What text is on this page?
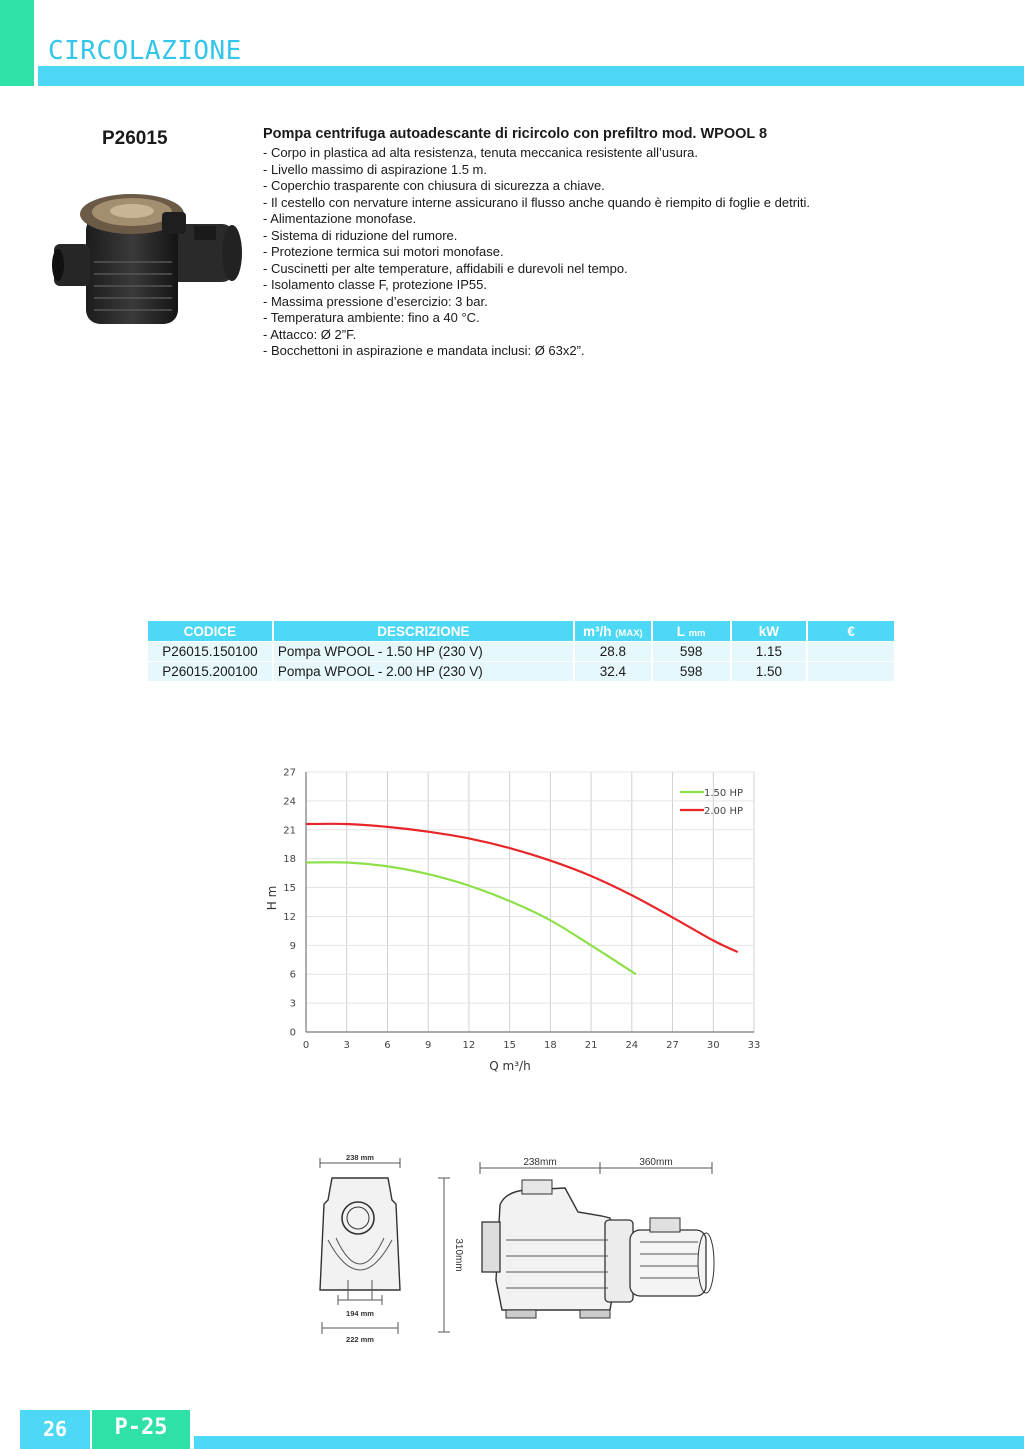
CIRCOLAZIONE
P26015	Pompa centrifuga autoadescante di ricircolo con prefiltro mod. WPOOL 8
- Corpo in plastica ad alta resistenza, tenuta meccanica resistente all’usura.
- Livello massimo di aspirazione 1.5 m.
- Coperchio trasparente con chiusura di sicurezza a chiave.
- Il cestello con nervature interne assicurano il flusso anche quando è riempito di foglie e detriti.
- Alimentazione monofase.
- Sistema di riduzione del rumore.
- Protezione termica sui motori monofase.
- Cuscinetti per alte temperature, affidabili e durevoli nel tempo.
- Isolamento classe F, protezione IP55.
- Massima pressione d’esercizio: 3 bar.
- Temperatura ambiente: fino a 40 °C.
- Attacco: Ø 2”F.
- Bocchettoni in aspirazione e mandata inclusi: Ø 63x2”.
CODICE	DESCRIZIONE	m³/h (MAX)	L mm	kW	€
P26015.150100	Pompa WPOOL - 1.50 HP (230 V)	28.8	598	1.15	
P26015.200100	Pompa WPOOL - 2.00 HP (230 V)	32.4	598	1.50	
0	3	6	9	12	15	18	21	24	27	30	33
0
3
6
9
12
15
18
21
24
27
Q m³/h
H m
1.50 HP
2.00 HP
238 mm
194 mm
222 mm
238mm	360mm
310mm
26	P-25
